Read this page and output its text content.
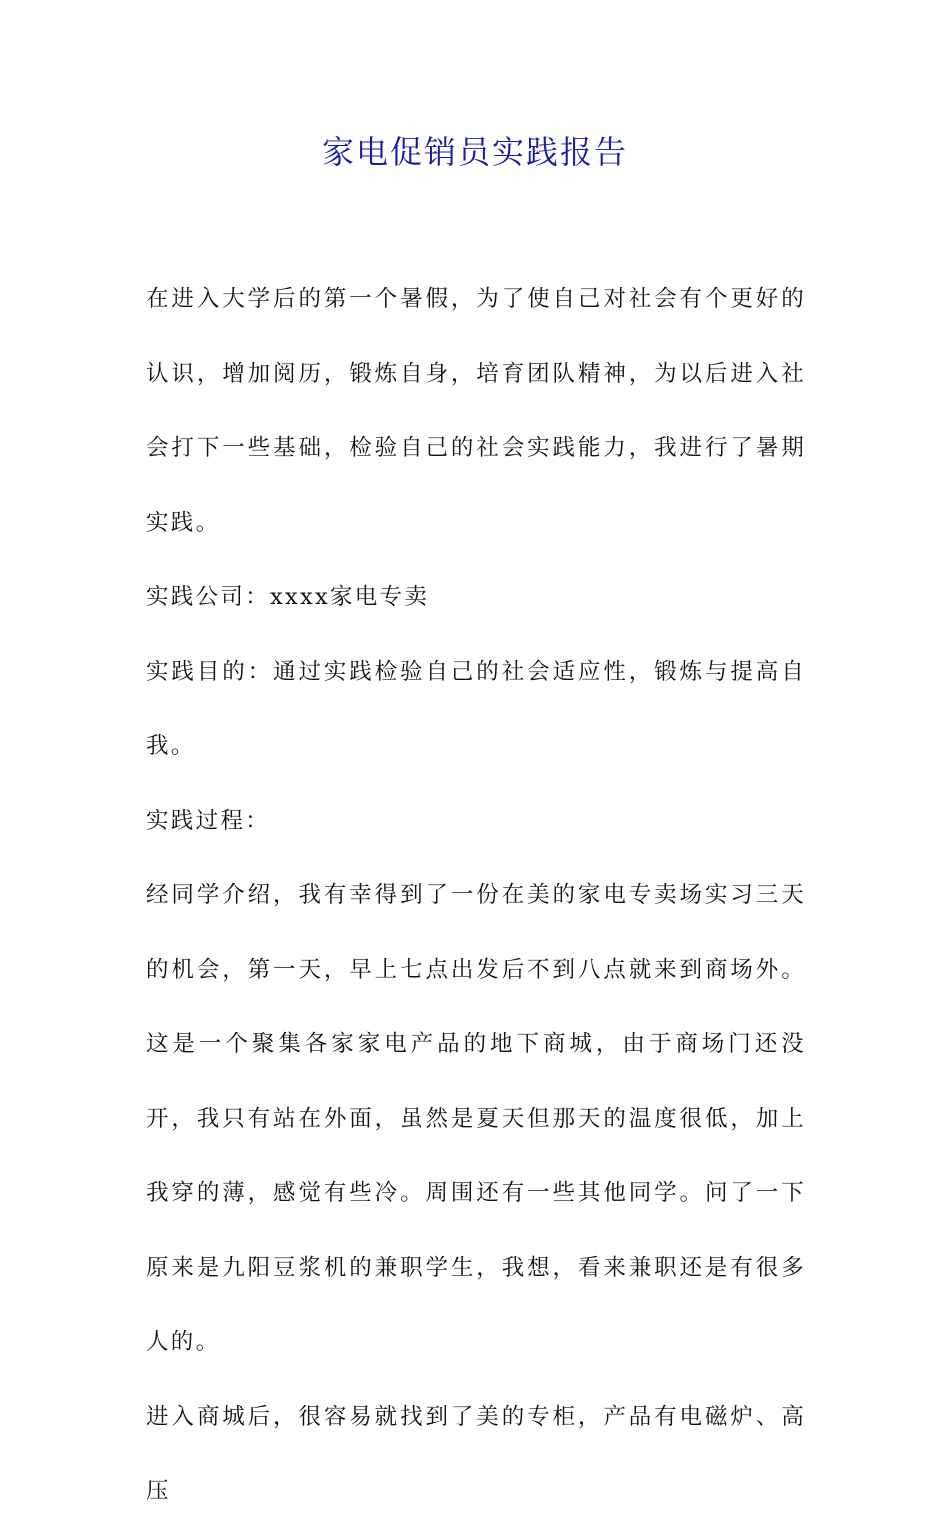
家电促销员实践报告

在进入大学后的第一个暑假，为了使自己对社会有个更好的认识，增加阅历，锻炼自身，培育团队精神，为以后进入社会打下一些基础，检验自己的社会实践能力，我进行了暑期实践。

实践公司：xxxx家电专卖

实践目的：通过实践检验自己的社会适应性，锻炼与提高自我。

实践过程：

经同学介绍，我有幸得到了一份在美的家电专卖场实习三天的机会，第一天，早上七点出发后不到八点就来到商场外。这是一个聚集各家家电产品的地下商城，由于商场门还没开，我只有站在外面，虽然是夏天但那天的温度很低，加上我穿的薄，感觉有些冷。周围还有一些其他同学。问了一下原来是九阳豆浆机的兼职学生，我想，看来兼职还是有很多人的。

进入商城后，很容易就找到了美的专柜，产品有电磁炉、高压
